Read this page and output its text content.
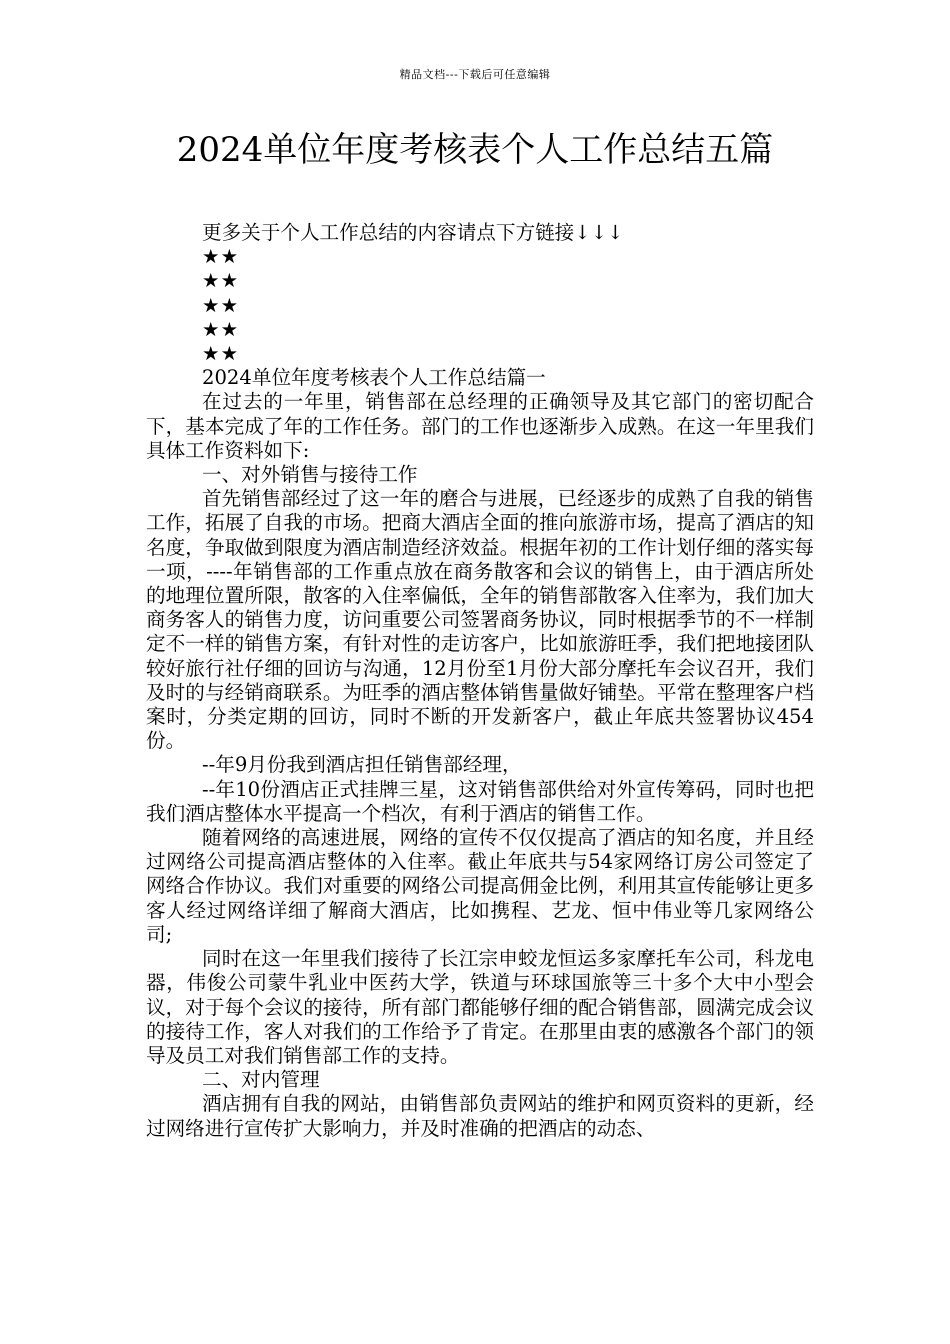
精品文档---下载后可任意编辑
2024单位年度考核表个人工作总结五篇

更多关于个人工作总结的内容请点下方链接↓↓↓

★★

★★

★★

★★

★★

2024单位年度考核表个人工作总结篇一

在过去的一年里，销售部在总经理的正确领导及其它部门的密切配合下，基本完成了年的工作任务。部门的工作也逐渐步入成熟。在这一年里我们具体工作资料如下:

一、对外销售与接待工作

首先销售部经过了这一年的磨合与进展，已经逐步的成熟了自我的销售工作，拓展了自我的市场。把商大酒店全面的推向旅游市场，提高了酒店的知名度，争取做到限度为酒店制造经济效益。根据年初的工作计划仔细的落实每一项，----年销售部的工作重点放在商务散客和会议的销售上，由于酒店所处的地理位置所限，散客的入住率偏低，全年的销售部散客入住率为，我们加大商务客人的销售力度，访问重要公司签署商务协议，同时根据季节的不一样制定不一样的销售方案，有针对性的走访客户，比如旅游旺季，我们把地接团队较好旅行社仔细的回访与沟通，12月份至1月份大部分摩托车会议召开，我们及时的与经销商联系。为旺季的酒店整体销售量做好铺垫。平常在整理客户档案时，分类定期的回访，同时不断的开发新客户，截止年底共签署协议454份。

--年9月份我到酒店担任销售部经理，

--年10份酒店正式挂牌三星，这对销售部供给对外宣传筹码，同时也把我们酒店整体水平提高一个档次，有利于酒店的销售工作。

随着网络的高速进展，网络的宣传不仅仅提高了酒店的知名度，并且经过网络公司提高酒店整体的入住率。截止年底共与54家网络订房公司签定了网络合作协议。我们对重要的网络公司提高佣金比例，利用其宣传能够让更多客人经过网络详细了解商大酒店，比如携程、艺龙、恒中伟业等几家网络公司;

同时在这一年里我们接待了长江宗申蛟龙恒运多家摩托车公司，科龙电器，伟俊公司蒙牛乳业中医药大学，铁道与环球国旅等三十多个大中小型会议，对于每个会议的接待，所有部门都能够仔细的配合销售部，圆满完成会议的接待工作，客人对我们的工作给予了肯定。在那里由衷的感激各个部门的领导及员工对我们销售部工作的支持。

二、对内管理

酒店拥有自我的网站，由销售部负责网站的维护和网页资料的更新，经过网络进行宣传扩大影响力，并及时准确的把酒店的动态、
